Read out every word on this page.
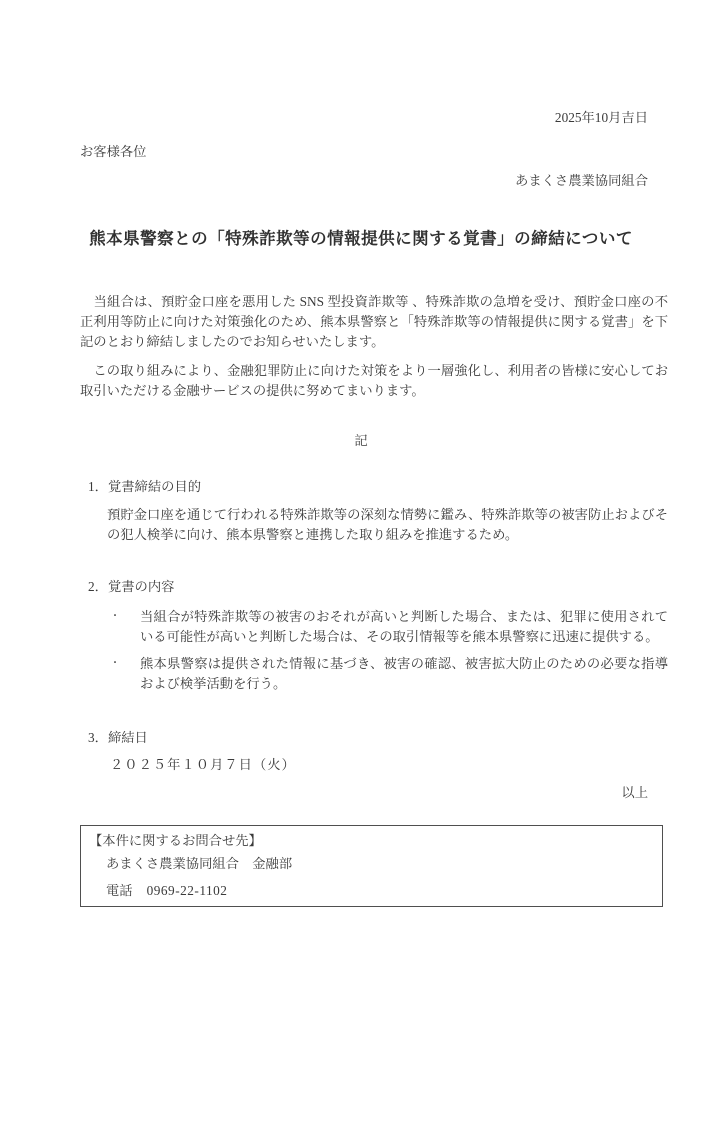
2025年10月吉日
お客様各位
あまくさ農業協同組合
熊本県警察との「特殊詐欺等の情報提供に関する覚書」の締結について

　当組合は、預貯金口座を悪用した SNS 型投資詐欺等 、特殊詐欺の急増を受け、預貯金口座の不正利用等防止に向けた対策強化のため、熊本県警察と「特殊詐欺等の情報提供に関する覚書」を下記のとおり締結しましたのでお知らせいたします。

　この取り組みにより、金融犯罪防止に向けた対策をより一層強化し、利用者の皆様に安心してお取引いただける金融サービスの提供に努めてまいります。

記
1．覚書締結の目的
預貯金口座を通じて行われる特殊詐欺等の深刻な情勢に鑑み、特殊詐欺等の被害防止およびその犯人検挙に向け、熊本県警察と連携した取り組みを推進するため。
2．覚書の内容
・	当組合が特殊詐欺等の被害のおそれが高いと判断した場合、または、犯罪に使用されている可能性が高いと判断した場合は、その取引情報等を熊本県警察に迅速に提供する。
・	熊本県警察は提供された情報に基づき、被害の確認、被害拡大防止のための必要な指導および検挙活動を行う。
3．締結日
２０２５年１０月７日（火）
以上
【本件に関するお問合せ先】
あまくさ農業協同組合　金融部
電話 0969-22-1102
